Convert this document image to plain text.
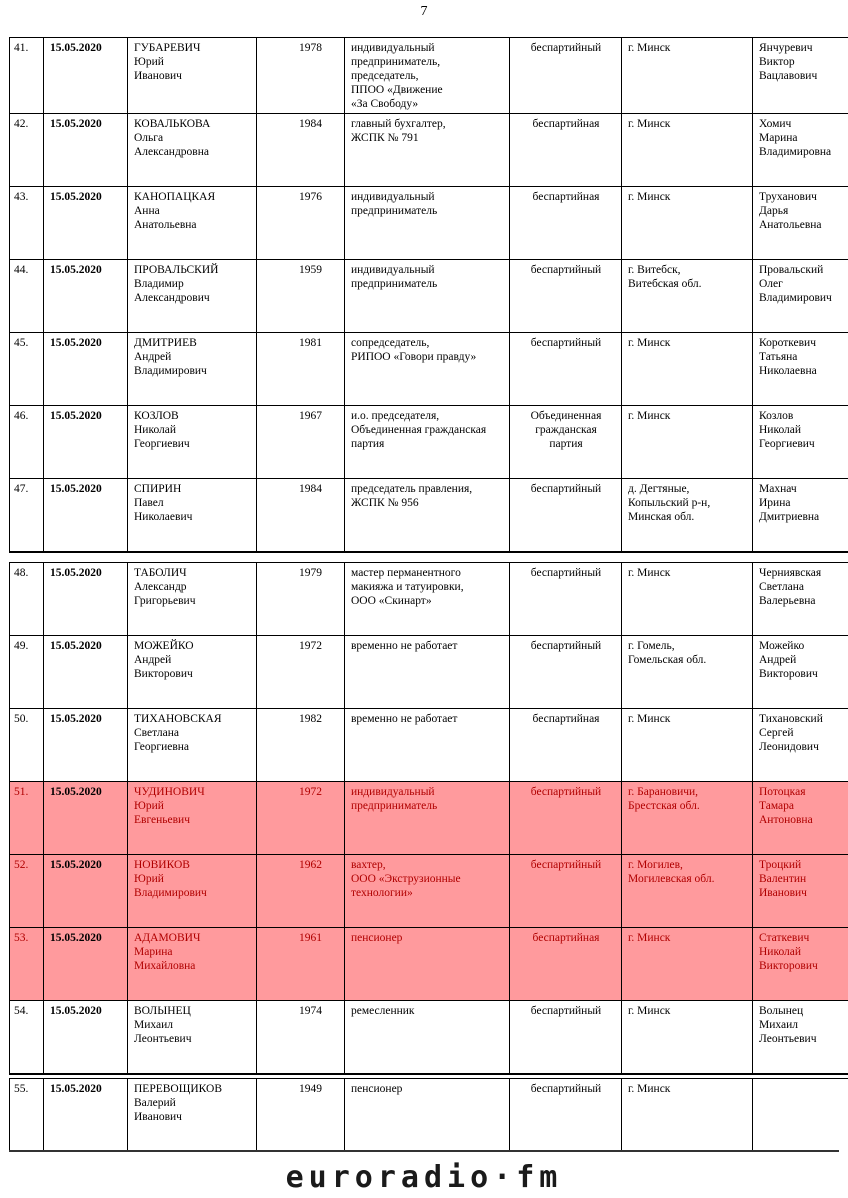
7
41.	15.05.2020	ГУБАРЕВИЧ
Юрий
Иванович	1978	индивидуальный
предприниматель,
председатель,
ППОО «Движение
«За Свободу»	беспартийный	г. Минск	Янчуревич
Виктор
Вацлавович
42.	15.05.2020	КОВАЛЬКОВА
Ольга
Александровна	1984	главный бухгалтер,
ЖСПК № 791	беспартийная	г. Минск	Хомич
Марина
Владимировна
43.	15.05.2020	КАНОПАЦКАЯ
Анна
Анатольевна	1976	индивидуальный
предприниматель	беспартийная	г. Минск	Труханович
Дарья
Анатольевна
44.	15.05.2020	ПРОВАЛЬСКИЙ
Владимир
Александрович	1959	индивидуальный
предприниматель	беспартийный	г. Витебск,
Витебская обл.	Провальский
Олег
Владимирович
45.	15.05.2020	ДМИТРИЕВ
Андрей
Владимирович	1981	сопредседатель,
РИПОО «Говори правду»	беспартийный	г. Минск	Короткевич
Татьяна
Николаевна
46.	15.05.2020	КОЗЛОВ
Николай
Георгиевич	1967	и.о. председателя,
Объединенная гражданская
партия	Объединенная
гражданская
партия	г. Минск	Козлов
Николай
Георгиевич
47.	15.05.2020	СПИРИН
Павел
Николаевич	1984	председатель правления,
ЖСПК № 956	беспартийный	д. Дегтяные,
Копыльский р-н,
Минская обл.	Махнач
Ирина
Дмитриевна
48.	15.05.2020	ТАБОЛИЧ
Александр
Григорьевич	1979	мастер перманентного
макияжа и татуировки,
ООО «Скинарт»	беспартийный	г. Минск	Черниявская
Светлана
Валерьевна
49.	15.05.2020	МОЖЕЙКО
Андрей
Викторович	1972	временно не работает	беспартийный	г. Гомель,
Гомельская обл.	Можейко
Андрей
Викторович
50.	15.05.2020	ТИХАНОВСКАЯ
Светлана
Георгиевна	1982	временно не работает	беспартийная	г. Минск	Тихановский
Сергей
Леонидович
51.	15.05.2020	ЧУДИНОВИЧ
Юрий
Евгеньевич	1972	индивидуальный
предприниматель	беспартийный	г. Барановичи,
Брестская обл.	Потоцкая
Тамара
Антоновна
52.	15.05.2020	НОВИКОВ
Юрий
Владимирович	1962	вахтер,
ООО «Экструзионные
технологии»	беспартийный	г. Могилев,
Могилевская обл.	Троцкий
Валентин
Иванович
53.	15.05.2020	АДАМОВИЧ
Марина
Михайловна	1961	пенсионер	беспартийная	г. Минск	Статкевич
Николай
Викторович
54.	15.05.2020	ВОЛЫНЕЦ
Михаил
Леонтьевич	1974	ремесленник	беспартийный	г. Минск	Волынец
Михаил
Леонтьевич
55.	15.05.2020	ПЕРЕВОЩИКОВ
Валерий
Иванович	1949	пенсионер	беспартийный	г. Минск	
euroradio·fm
